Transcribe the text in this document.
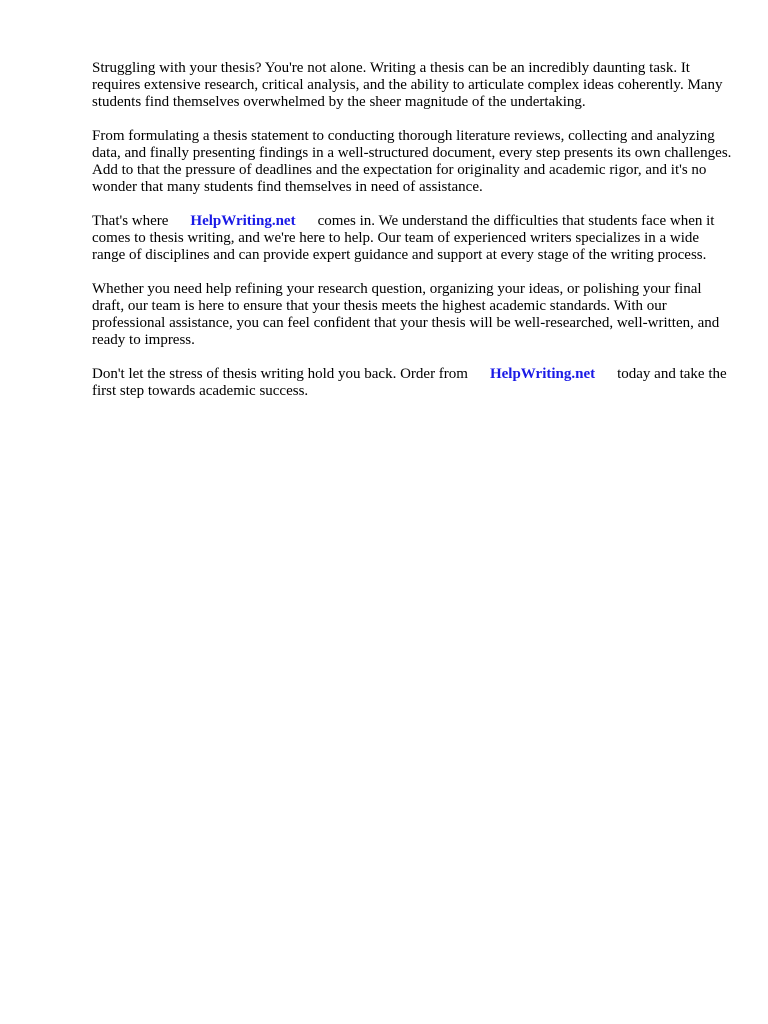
Struggling with your thesis? You're not alone. Writing a thesis can be an incredibly daunting task. It requires extensive research, critical analysis, and the ability to articulate complex ideas coherently. Many students find themselves overwhelmed by the sheer magnitude of the undertaking.

From formulating a thesis statement to conducting thorough literature reviews, collecting and analyzing data, and finally presenting findings in a well-structured document, every step presents its own challenges. Add to that the pressure of deadlines and the expectation for originality and academic rigor, and it's no wonder that many students find themselves in need of assistance.

That's where HelpWriting.net comes in. We understand the difficulties that students face when it comes to thesis writing, and we're here to help. Our team of experienced writers specializes in a wide range of disciplines and can provide expert guidance and support at every stage of the writing process.

Whether you need help refining your research question, organizing your ideas, or polishing your final draft, our team is here to ensure that your thesis meets the highest academic standards. With our professional assistance, you can feel confident that your thesis will be well-researched, well-written, and ready to impress.

Don't let the stress of thesis writing hold you back. Order from HelpWriting.net today and take the first step towards academic success.
